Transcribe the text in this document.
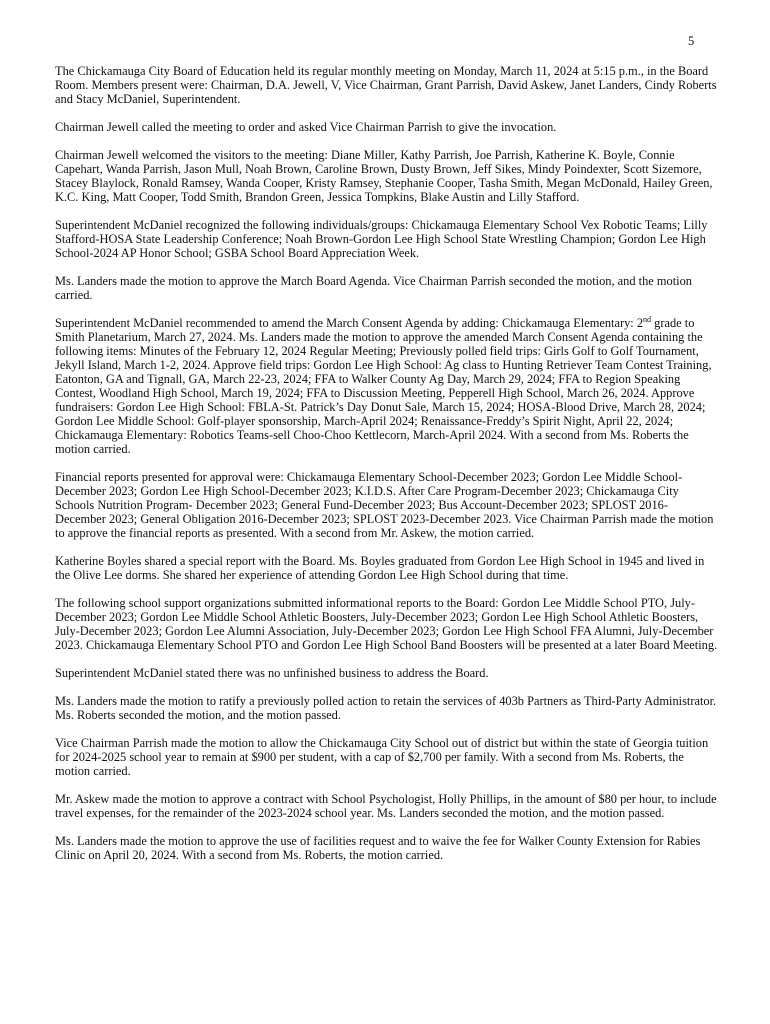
5

The Chickamauga City Board of Education held its regular monthly meeting on Monday, March 11, 2024 at 5:15 p.m., in the Board Room. Members present were: Chairman, D.A. Jewell, V, Vice Chairman, Grant Parrish, David Askew, Janet Landers, Cindy Roberts and Stacy McDaniel, Superintendent.

Chairman Jewell called the meeting to order and asked Vice Chairman Parrish to give the invocation.

Chairman Jewell welcomed the visitors to the meeting: Diane Miller, Kathy Parrish, Joe Parrish, Katherine K. Boyle, Connie Capehart, Wanda Parrish, Jason Mull, Noah Brown, Caroline Brown, Dusty Brown, Jeff Sikes, Mindy Poindexter, Scott Sizemore, Stacey Blaylock, Ronald Ramsey, Wanda Cooper, Kristy Ramsey, Stephanie Cooper, Tasha Smith, Megan McDonald, Hailey Green, K.C. King, Matt Cooper, Todd Smith, Brandon Green, Jessica Tompkins, Blake Austin and Lilly Stafford.

Superintendent McDaniel recognized the following individuals/groups: Chickamauga Elementary School Vex Robotic Teams; Lilly Stafford-HOSA State Leadership Conference; Noah Brown-Gordon Lee High School State Wrestling Champion; Gordon Lee High School-2024 AP Honor School; GSBA School Board Appreciation Week.

Ms. Landers made the motion to approve the March Board Agenda. Vice Chairman Parrish seconded the motion, and the motion carried.

Superintendent McDaniel recommended to amend the March Consent Agenda by adding: Chickamauga Elementary: 2nd grade to Smith Planetarium, March 27, 2024. Ms. Landers made the motion to approve the amended March Consent Agenda containing the following items: Minutes of the February 12, 2024 Regular Meeting; Previously polled field trips: Girls Golf to Golf Tournament, Jekyll Island, March 1-2, 2024. Approve field trips: Gordon Lee High School: Ag class to Hunting Retriever Team Contest Training, Eatonton, GA and Tignall, GA, March 22-23, 2024; FFA to Walker County Ag Day, March 29, 2024; FFA to Region Speaking Contest, Woodland High School, March 19, 2024; FFA to Discussion Meeting, Pepperell High School, March 26, 2024. Approve fundraisers: Gordon Lee High School: FBLA-St. Patrick’s Day Donut Sale, March 15, 2024; HOSA-Blood Drive, March 28, 2024; Gordon Lee Middle School: Golf-player sponsorship, March-April 2024; Renaissance-Freddy’s Spirit Night, April 22, 2024; Chickamauga Elementary: Robotics Teams-sell Choo-Choo Kettlecorn, March-April 2024. With a second from Ms. Roberts the motion carried.

Financial reports presented for approval were: Chickamauga Elementary School-December 2023; Gordon Lee Middle School-December 2023; Gordon Lee High School-December 2023; K.I.D.S. After Care Program-December 2023; Chickamauga City Schools Nutrition Program- December 2023; General Fund-December 2023; Bus Account-December 2023; SPLOST 2016-December 2023; General Obligation 2016-December 2023; SPLOST 2023-December 2023. Vice Chairman Parrish made the motion to approve the financial reports as presented. With a second from Mr. Askew, the motion carried.

Katherine Boyles shared a special report with the Board. Ms. Boyles graduated from Gordon Lee High School in 1945 and lived in the Olive Lee dorms. She shared her experience of attending Gordon Lee High School during that time.

The following school support organizations submitted informational reports to the Board: Gordon Lee Middle School PTO, July-December 2023; Gordon Lee Middle School Athletic Boosters, July-December 2023; Gordon Lee High School Athletic Boosters, July-December 2023; Gordon Lee Alumni Association, July-December 2023; Gordon Lee High School FFA Alumni, July-December 2023. Chickamauga Elementary School PTO and Gordon Lee High School Band Boosters will be presented at a later Board Meeting.

Superintendent McDaniel stated there was no unfinished business to address the Board.

Ms. Landers made the motion to ratify a previously polled action to retain the services of 403b Partners as Third-Party Administrator. Ms. Roberts seconded the motion, and the motion passed.

Vice Chairman Parrish made the motion to allow the Chickamauga City School out of district but within the state of Georgia tuition for 2024-2025 school year to remain at $900 per student, with a cap of $2,700 per family. With a second from Ms. Roberts, the motion carried.

Mr. Askew made the motion to approve a contract with School Psychologist, Holly Phillips, in the amount of $80 per hour, to include travel expenses, for the remainder of the 2023-2024 school year. Ms. Landers seconded the motion, and the motion passed.

Ms. Landers made the motion to approve the use of facilities request and to waive the fee for Walker County Extension for Rabies Clinic on April 20, 2024. With a second from Ms. Roberts, the motion carried.
